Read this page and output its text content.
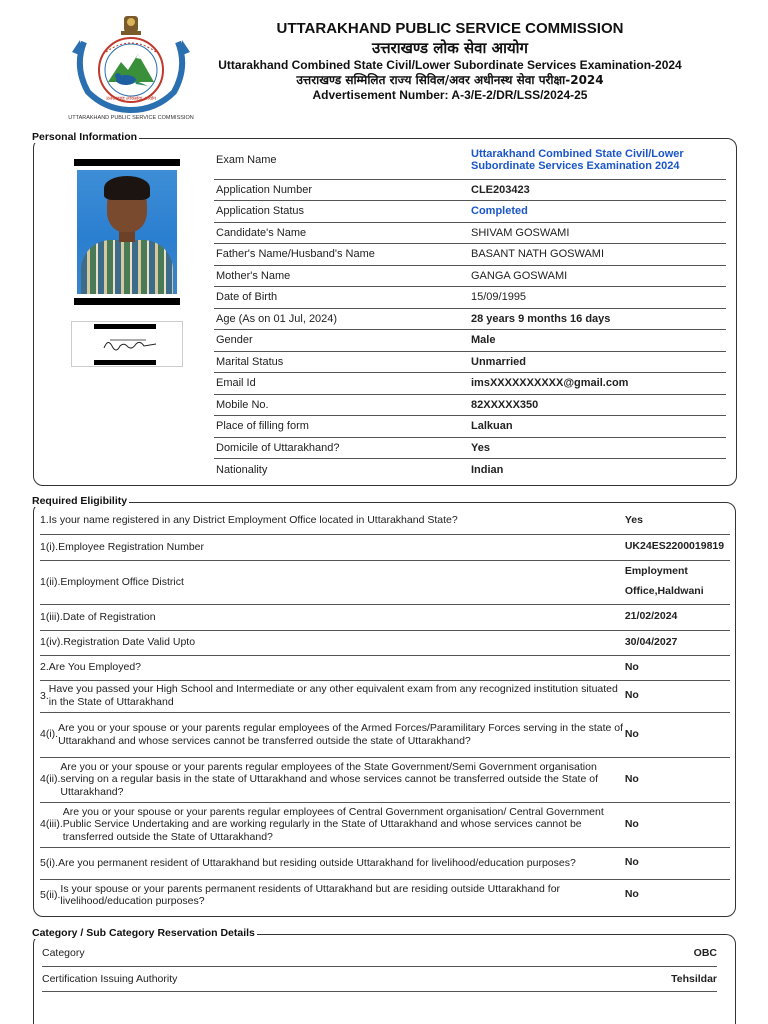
उत्तराखण्ड लोकसेवा आयोग
UTTARAKHAND PUBLIC SERVICE COMMISSION
UTTARAKHAND PUBLIC SERVICE COMMISSION
उत्तराखण्ड लोक सेवा आयोग
Uttarakhand Combined State Civil/Lower Subordinate Services Examination-2024
उत्तराखण्ड सम्मिलित राज्य सिविल/अवर अधीनस्थ सेवा परीक्षा-2024
Advertisement Number: A-3/E-2/DR/LSS/2024-25
Personal Information
Exam Name	Uttarakhand Combined State Civil/Lower Subordinate Services Examination 2024
Application Number	CLE203423
Application Status	Completed
Candidate's Name	SHIVAM GOSWAMI
Father's Name/Husband's Name	BASANT NATH GOSWAMI
Mother's Name	GANGA GOSWAMI
Date of Birth	15/09/1995
Age (As on 01 Jul, 2024)	28 years 9 months 16 days
Gender	Male
Marital Status	Unmarried
Email Id	imsXXXXXXXXXX@gmail.com
Mobile No.	82XXXXX350
Place of filling form	Lalkuan
Domicile of Uttarakhand?	Yes
Nationality	Indian
Required Eligibility
1. Is your name registered in any District Employment Office located in Uttarakhand State?	Yes

1(i). Employee Registration Number	UK24ES2200019819

1(ii). Employment Office District	Employment Office,Haldwani

1(iii). Date of Registration	21/02/2024

1(iv). Registration Date Valid Upto	30/04/2027

2. Are You Employed?	No

3.
Have you passed your High School and Intermediate or any other equivalent exam from any recognized institution situated in the State of Uttarakhand	No

4(i).
Are you or your spouse or your parents regular employees of the Armed Forces/Paramilitary Forces serving in the state of Uttarakhand and whose services cannot be transferred outside the state of Uttarakhand?	No

4(ii).
Are you or your spouse or your parents regular employees of the State Government/Semi Government organisation serving on a regular basis in the state of Uttarakhand and whose services cannot be transferred outside the State of Uttarakhand?	No

4(iii).
Are you or your spouse or your parents regular employees of Central Government organisation/ Central Government Public Service Undertaking and are working regularly in the State of Uttarakhand and whose services cannot be transferred outside the State of Uttarakhand?	No

5(i). Are you permanent resident of Uttarakhand but residing outside Uttarakhand for livelihood/education purposes?	No

5(ii).
Is your spouse or your parents permanent residents of Uttarakhand but are residing outside Uttarakhand for livelihood/education purposes?	No
Category / Sub Category Reservation Details
Category	OBC
Certification Issuing Authority	Tehsildar
